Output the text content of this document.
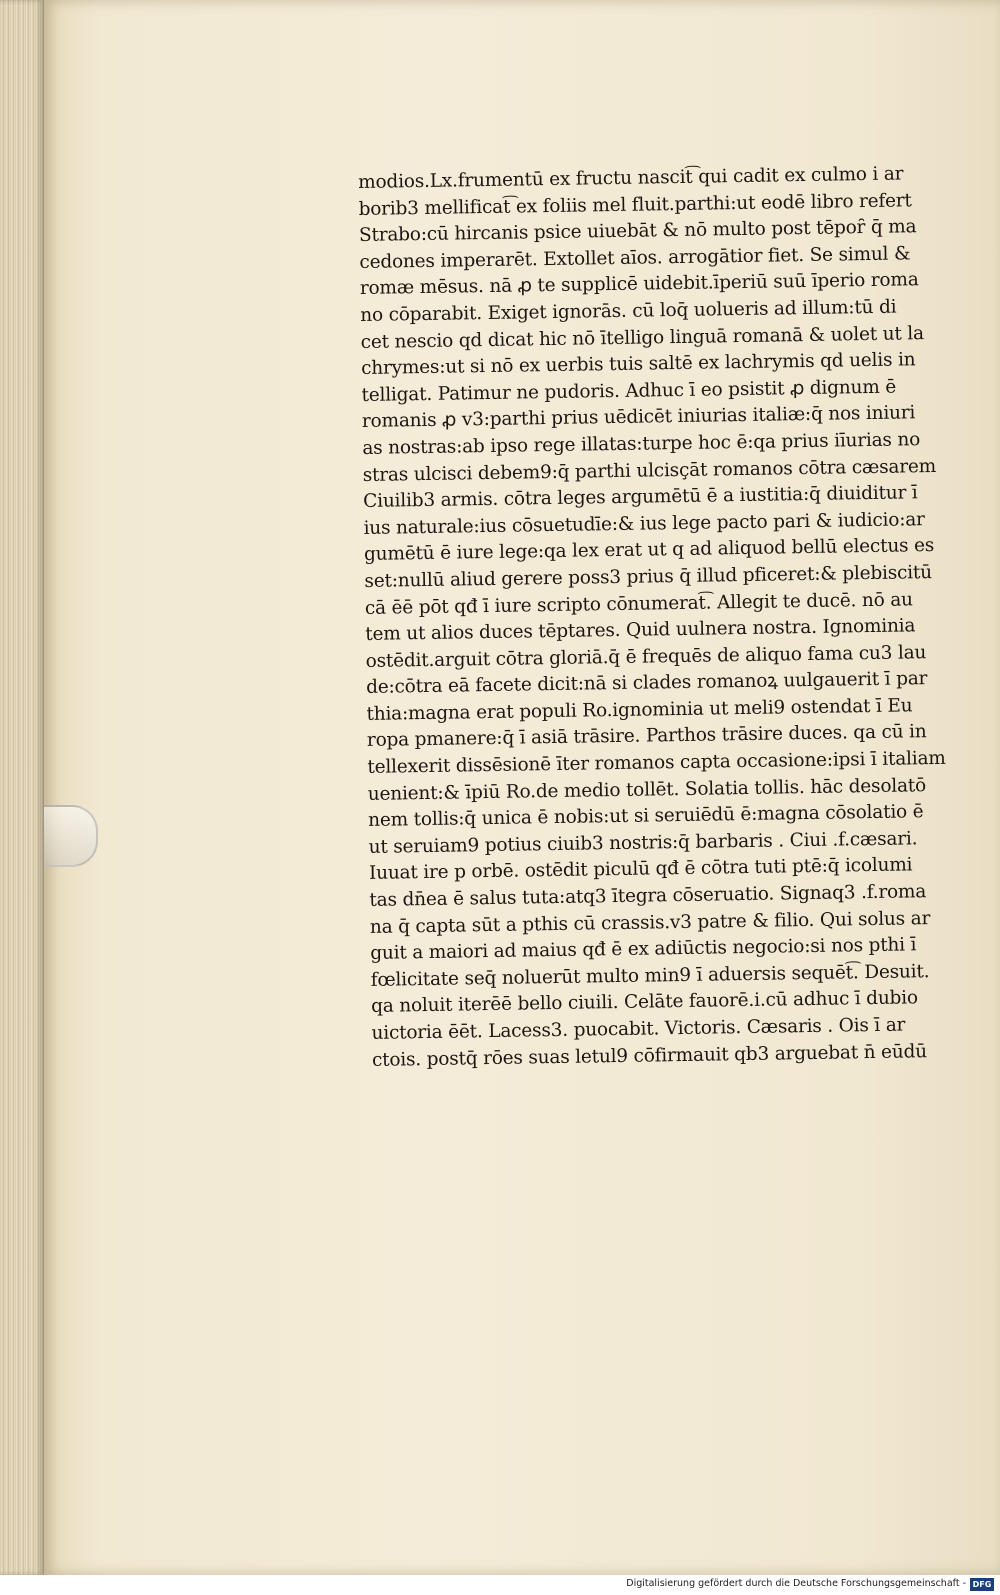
modios.Lx.frumentū ex fructu nascit͡ qui cadit ex culmo i ar
borib3 mellificat͡ ex foliis mel fluit.parthi:ut eodē libro refert
Strabo:cū hircanis psice uiuebāt & nō multo post tēpoȓ q̄ ma
cedones imperarēt. Extollet aīos. arrogātior fiet. Se simul &
romæ mēsus. nā ꝓ te supplicē uidebit.īperiū suū īperio roma
no cōparabit. Exiget ignorās. cū loq̄ uolueris ad illum:tū di
cet nescio qd dicat hic nō ītelligo linguā romanā & uolet ut la
chrymes:ut si nō ex uerbis tuis saltē ex lachrymis qd uelis in
telligat. Patimur ne pudoris. Adhuc ī eo psistit ꝓ dignum ē
romanis ꝓ v3:parthi prius uēdicēt iniurias italiæ:q̄ nos iniuri
as nostras:ab ipso rege illatas:turpe hoc ē:qa prius iīurias no
stras ulcisci debem9:q̄ parthi ulcisçāt romanos cōtra cæsarem
Ciuilib3 armis. cōtra leges argumētū ē a iustitia:q̄ diuiditur ī
ius naturale:ius cōsuetudīe:& ius lege pacto pari & iudicio:ar
gumētū ē iure lege:qa lex erat ut q ad aliquod bellū electus es
set:nullū aliud gerere poss3 prius q̄ illud pficeret:& plebiscitū
cā ēē pōt qđ ī iure scripto cōnumerat͡. Allegit te ducē. nō au
tem ut alios duces tēptares. Quid uulnera nostra. Ignominia
ostēdit.arguit cōtra gloriā.q̄ ē frequēs de aliquo fama cu3 lau
de:cōtra eā facete dicit:nā si clades romanoꝝ uulgauerit ī par
thia:magna erat populi Ro.ignominia ut meli9 ostendat ī Eu
ropa pmanere:q̄ ī asiā trāsire. Parthos trāsire duces. qa cū in
tellexerit dissēsionē īter romanos capta occasione:ipsi ī italiam
uenient:& īpiū Ro.de medio tollēt. Solatia tollis. hāc desolatō
nem tollis:q̄ unica ē nobis:ut si seruiēdū ē:magna cōsolatio ē
ut seruiam9 potius ciuib3 nostris:q̄ barbaris . Ciui .f.cæsari.
Iuuat ire p orbē. ostēdit piculū qđ ē cōtra tuti ptē:q̄ icolumi
tas dn̄ea ē salus tuta:atq3 ītegra cōseruatio. Signaq3 .f.roma
na q̄ capta sūt a pthis cū crassis.v3 patre & filio. Qui solus ar
guit a maiori ad maius qđ ē ex adiūctis negocio:si nos pthi ī
fœlicitate seq̄ noluerūt multo min9 ī aduersis sequēt͡. Desuit.
qa noluit iterēē bello ciuili. Celāte fauorē.i.cū adhuc ī dubio
uictoria ēēt. Lacess3. puocabit. Victoris. Cæsaris . Ois ī ar
ctois. postq̄ rōes suas letul9 cōfirmauit qb3 arguebat n̄ eūdū
Digitalisierung gefördert durch die Deutsche Forschungsgemeinschaft - DFG
